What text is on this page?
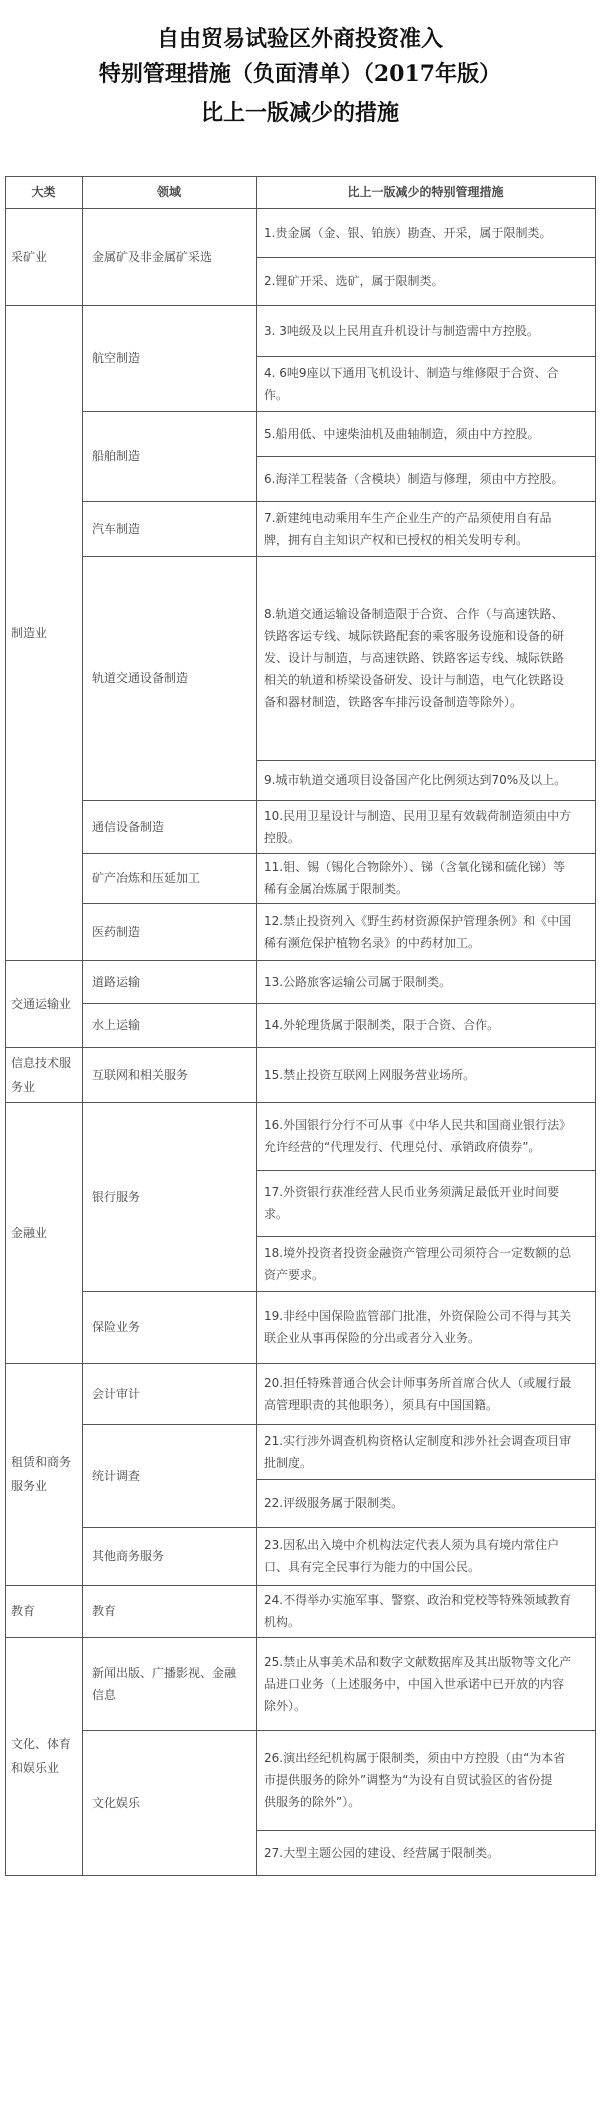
自由贸易试验区外商投资准入
特别管理措施（负面清单）（2017年版）
比上一版减少的措施
大类	领域	比上一版减少的特别管理措施
1.贵金属（金、银、铂族）勘查、开采，属于限制类。
2.锂矿开采、选矿，属于限制类。
3. 3吨级及以上民用直升机设计与制造需中方控股。
4. 6吨9座以下通用飞机设计、制造与维修限于合资、合
作。
5.船用低、中速柴油机及曲轴制造，须由中方控股。
6.海洋工程装备（含模块）制造与修理，须由中方控股。
7.新建纯电动乘用车生产企业生产的产品须使用自有品
牌，拥有自主知识产权和已授权的相关发明专利。
8.轨道交通运输设备制造限于合资、合作（与高速铁路、
铁路客运专线、城际铁路配套的乘客服务设施和设备的研
发、设计与制造，与高速铁路、铁路客运专线、城际铁路
相关的轨道和桥梁设备研发、设计与制造，电气化铁路设
备和器材制造，铁路客车排污设备制造等除外）。
9.城市轨道交通项目设备国产化比例须达到70%及以上。
10.民用卫星设计与制造、民用卫星有效载荷制造须由中方
控股。
11.钼、锡（锡化合物除外）、锑（含氧化锑和硫化锑）等
稀有金属冶炼属于限制类。
12.禁止投资列入《野生药材资源保护管理条例》和《中国
稀有濒危保护植物名录》的中药材加工。
13.公路旅客运输公司属于限制类。
14.外轮理货属于限制类，限于合资、合作。
15.禁止投资互联网上网服务营业场所。
16.外国银行分行不可从事《中华人民共和国商业银行法》
允许经营的“代理发行、代理兑付、承销政府债券”。
17.外资银行获准经营人民币业务须满足最低开业时间要
求。
18.境外投资者投资金融资产管理公司须符合一定数额的总
资产要求。
19.非经中国保险监管部门批准，外资保险公司不得与其关
联企业从事再保险的分出或者分入业务。
20.担任特殊普通合伙会计师事务所首席合伙人（或履行最
高管理职责的其他职务），须具有中国国籍。
21.实行涉外调查机构资格认定制度和涉外社会调查项目审
批制度。
22.评级服务属于限制类。
23.因私出入境中介机构法定代表人须为具有境内常住户
口、具有完全民事行为能力的中国公民。
24.不得举办实施军事、警察、政治和党校等特殊领域教育
机构。
25.禁止从事美术品和数字文献数据库及其出版物等文化产
品进口业务（上述服务中，中国入世承诺中已开放的内容
除外）。
26.演出经纪机构属于限制类，须由中方控股（由“为本省
市提供服务的除外”调整为“为设有自贸试验区的省份提
供服务的除外”）。
27.大型主题公园的建设、经营属于限制类。
金属矿及非金属矿采选
航空制造
船舶制造
汽车制造
轨道交通设备制造
通信设备制造
矿产冶炼和压延加工
医药制造
道路运输
水上运输
互联网和相关服务
银行服务
保险业务
会计审计
统计调查
其他商务服务
教育
新闻出版、广播影视、金融信息
文化娱乐
采矿业
制造业
交通运输业
信息技术服务业
金融业
租赁和商务服务业
教育
文化、体育和娱乐业
